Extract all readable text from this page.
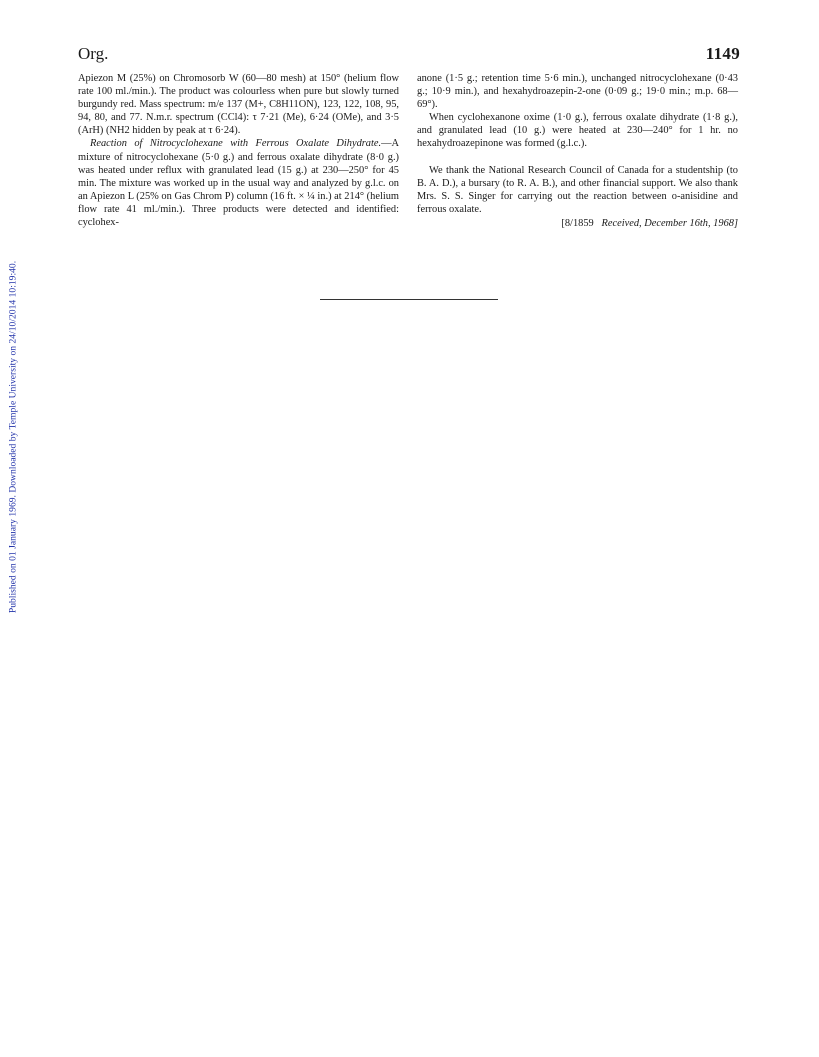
Org.	1149

Apiezon M (25%) on Chromosorb W (60—80 mesh) at 150° (helium flow rate 100 ml./min.). The product was colourless when pure but slowly turned burgundy red. Mass spectrum: m/e 137 (M+, C8H11ON), 123, 122, 108, 95, 94, 80, and 77. N.m.r. spectrum (CCl4): τ 7·21 (Me), 6·24 (OMe), and 3·5 (ArH) (NH2 hidden by peak at τ 6·24).

Reaction of Nitrocyclohexane with Ferrous Oxalate Dihydrate.—A mixture of nitrocyclohexane (5·0 g.) and ferrous oxalate dihydrate (8·0 g.) was heated under reflux with granulated lead (15 g.) at 230—250° for 45 min. The mixture was worked up in the usual way and analyzed by g.l.c. on an Apiezon L (25% on Gas Chrom P) column (16 ft. × ¼ in.) at 214° (helium flow rate 41 ml./min.). Three products were detected and identified: cyclohex-

anone (1·5 g.; retention time 5·6 min.), unchanged nitrocyclohexane (0·43 g.; 10·9 min.), and hexahydroazepin-2-one (0·09 g.; 19·0 min.; m.p. 68—69°).

When cyclohexanone oxime (1·0 g.), ferrous oxalate dihydrate (1·8 g.), and granulated lead (10 g.) were heated at 230—240° for 1 hr. no hexahydroazepinone was formed (g.l.c.).

We thank the National Research Council of Canada for a studentship (to B. A. D.), a bursary (to R. A. B.), and other financial support. We also thank Mrs. S. S. Singer for carrying out the reaction between o-anisidine and ferrous oxalate.

[8/1859 Received, December 16th, 1968]

Published on 01 January 1969. Downloaded by Temple University on 24/10/2014 10:19:40.
